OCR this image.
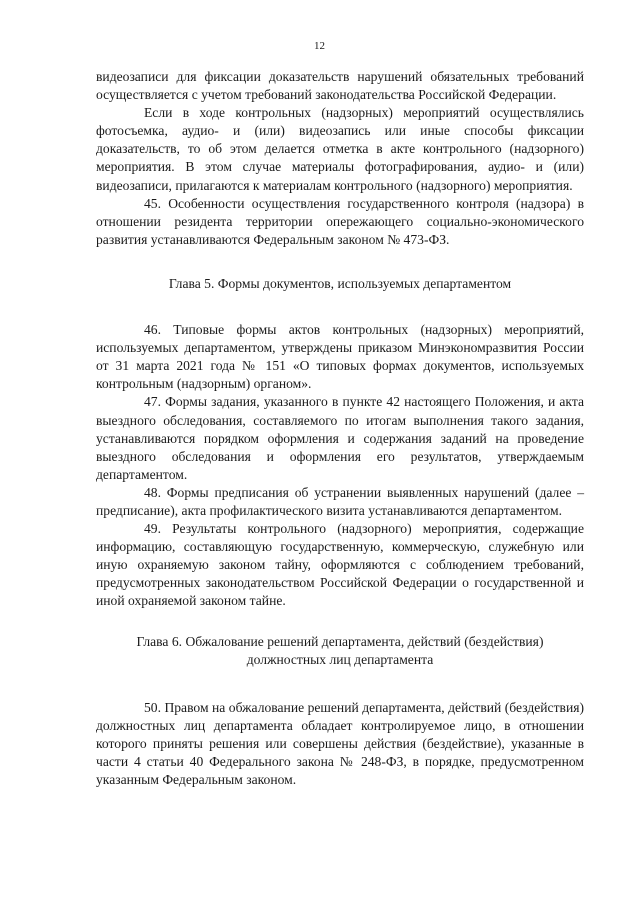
12

видеозаписи для фиксации доказательств нарушений обязательных требований осуществляется с учетом требований законодательства Российской Федерации.

Если в ходе контрольных (надзорных) мероприятий осуществлялись фотосъемка, аудио- и (или) видеозапись или иные способы фиксации доказательств, то об этом делается отметка в акте контрольного (надзорного) мероприятия. В этом случае материалы фотографирования, аудио- и (или) видеозаписи, прилагаются к материалам контрольного (надзорного) мероприятия.

45. Особенности осуществления государственного контроля (надзора) в отношении резидента территории опережающего социально-экономического развития устанавливаются Федеральным законом № 473-ФЗ.

Глава 5. Формы документов, используемых департаментом

46. Типовые формы актов контрольных (надзорных) мероприятий, используемых департаментом, утверждены приказом Минэкономразвития России от 31 марта 2021 года № 151 «О типовых формах документов, используемых контрольным (надзорным) органом».

47. Формы задания, указанного в пункте 42 настоящего Положения, и акта выездного обследования, составляемого по итогам выполнения такого задания, устанавливаются порядком оформления и содержания заданий на проведение выездного обследования и оформления его результатов, утверждаемым департаментом.

48. Формы предписания об устранении выявленных нарушений (далее – предписание), акта профилактического визита устанавливаются департаментом.

49. Результаты контрольного (надзорного) мероприятия, содержащие информацию, составляющую государственную, коммерческую, служебную или иную охраняемую законом тайну, оформляются с соблюдением требований, предусмотренных законодательством Российской Федерации о государственной и иной охраняемой законом тайне.

Глава 6. Обжалование решений департамента, действий (бездействия)

должностных лиц департамента

50. Правом на обжалование решений департамента, действий (бездействия) должностных лиц департамента обладает контролируемое лицо, в отношении которого приняты решения или совершены действия (бездействие), указанные в части 4 статьи 40 Федерального закона № 248-ФЗ, в порядке, предусмотренном указанным Федеральным законом.
